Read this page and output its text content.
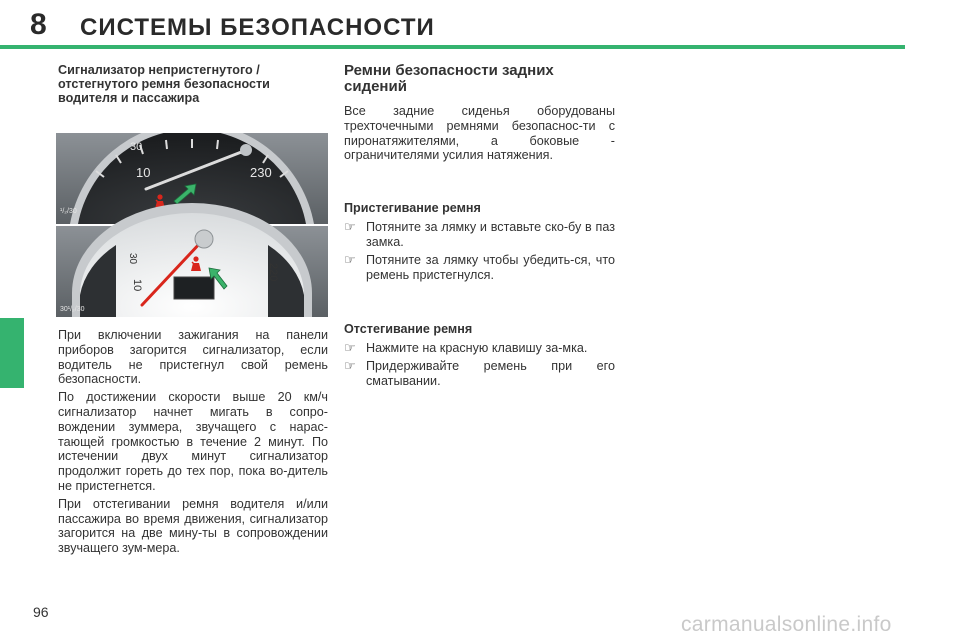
8 СИСТЕМЫ БЕЗОПАСНОСТИ
Сигнализатор непристегнутого /
отстегнутого ремня безопасности
водителя и пассажира
30
10	230
¹/₂/30
30
10
220
30¹/₂/30

При включении зажигания на панели приборов загорится сигнализатор, если водитель не пристегнул свой ремень безопасности.

По достижении скорости выше 20 км/ч сигнализатор начнет мигать в сопро-вождении зуммера, звучащего с нарас-тающей громкостью в течение 2 минут. По истечении двух минут сигнализатор продолжит гореть до тех пор, пока во-дитель не пристегнется.

При отстегивании ремня водителя и/или пассажира во время движения, сигнализатор загорится на две мину-ты в сопровождении звучащего зум-мера.

Ремни безопасности задних
сидений

Все задние сиденья оборудованы трехточечными ремнями безопаснос-ти с пиронатяжителями, а боковые - ограничителями усилия натяжения.

Пристегивание ремня
☞ Потяните за лямку и вставьте ско-бу в паз замка.
☞ Потяните за лямку чтобы убедить-ся, что ремень пристегнулся.
Отстегивание ремня
☞ Нажмите на красную клавишу за-мка.
☞ Придерживайте ремень при его сматывании.
96
carmanualsonline.info
